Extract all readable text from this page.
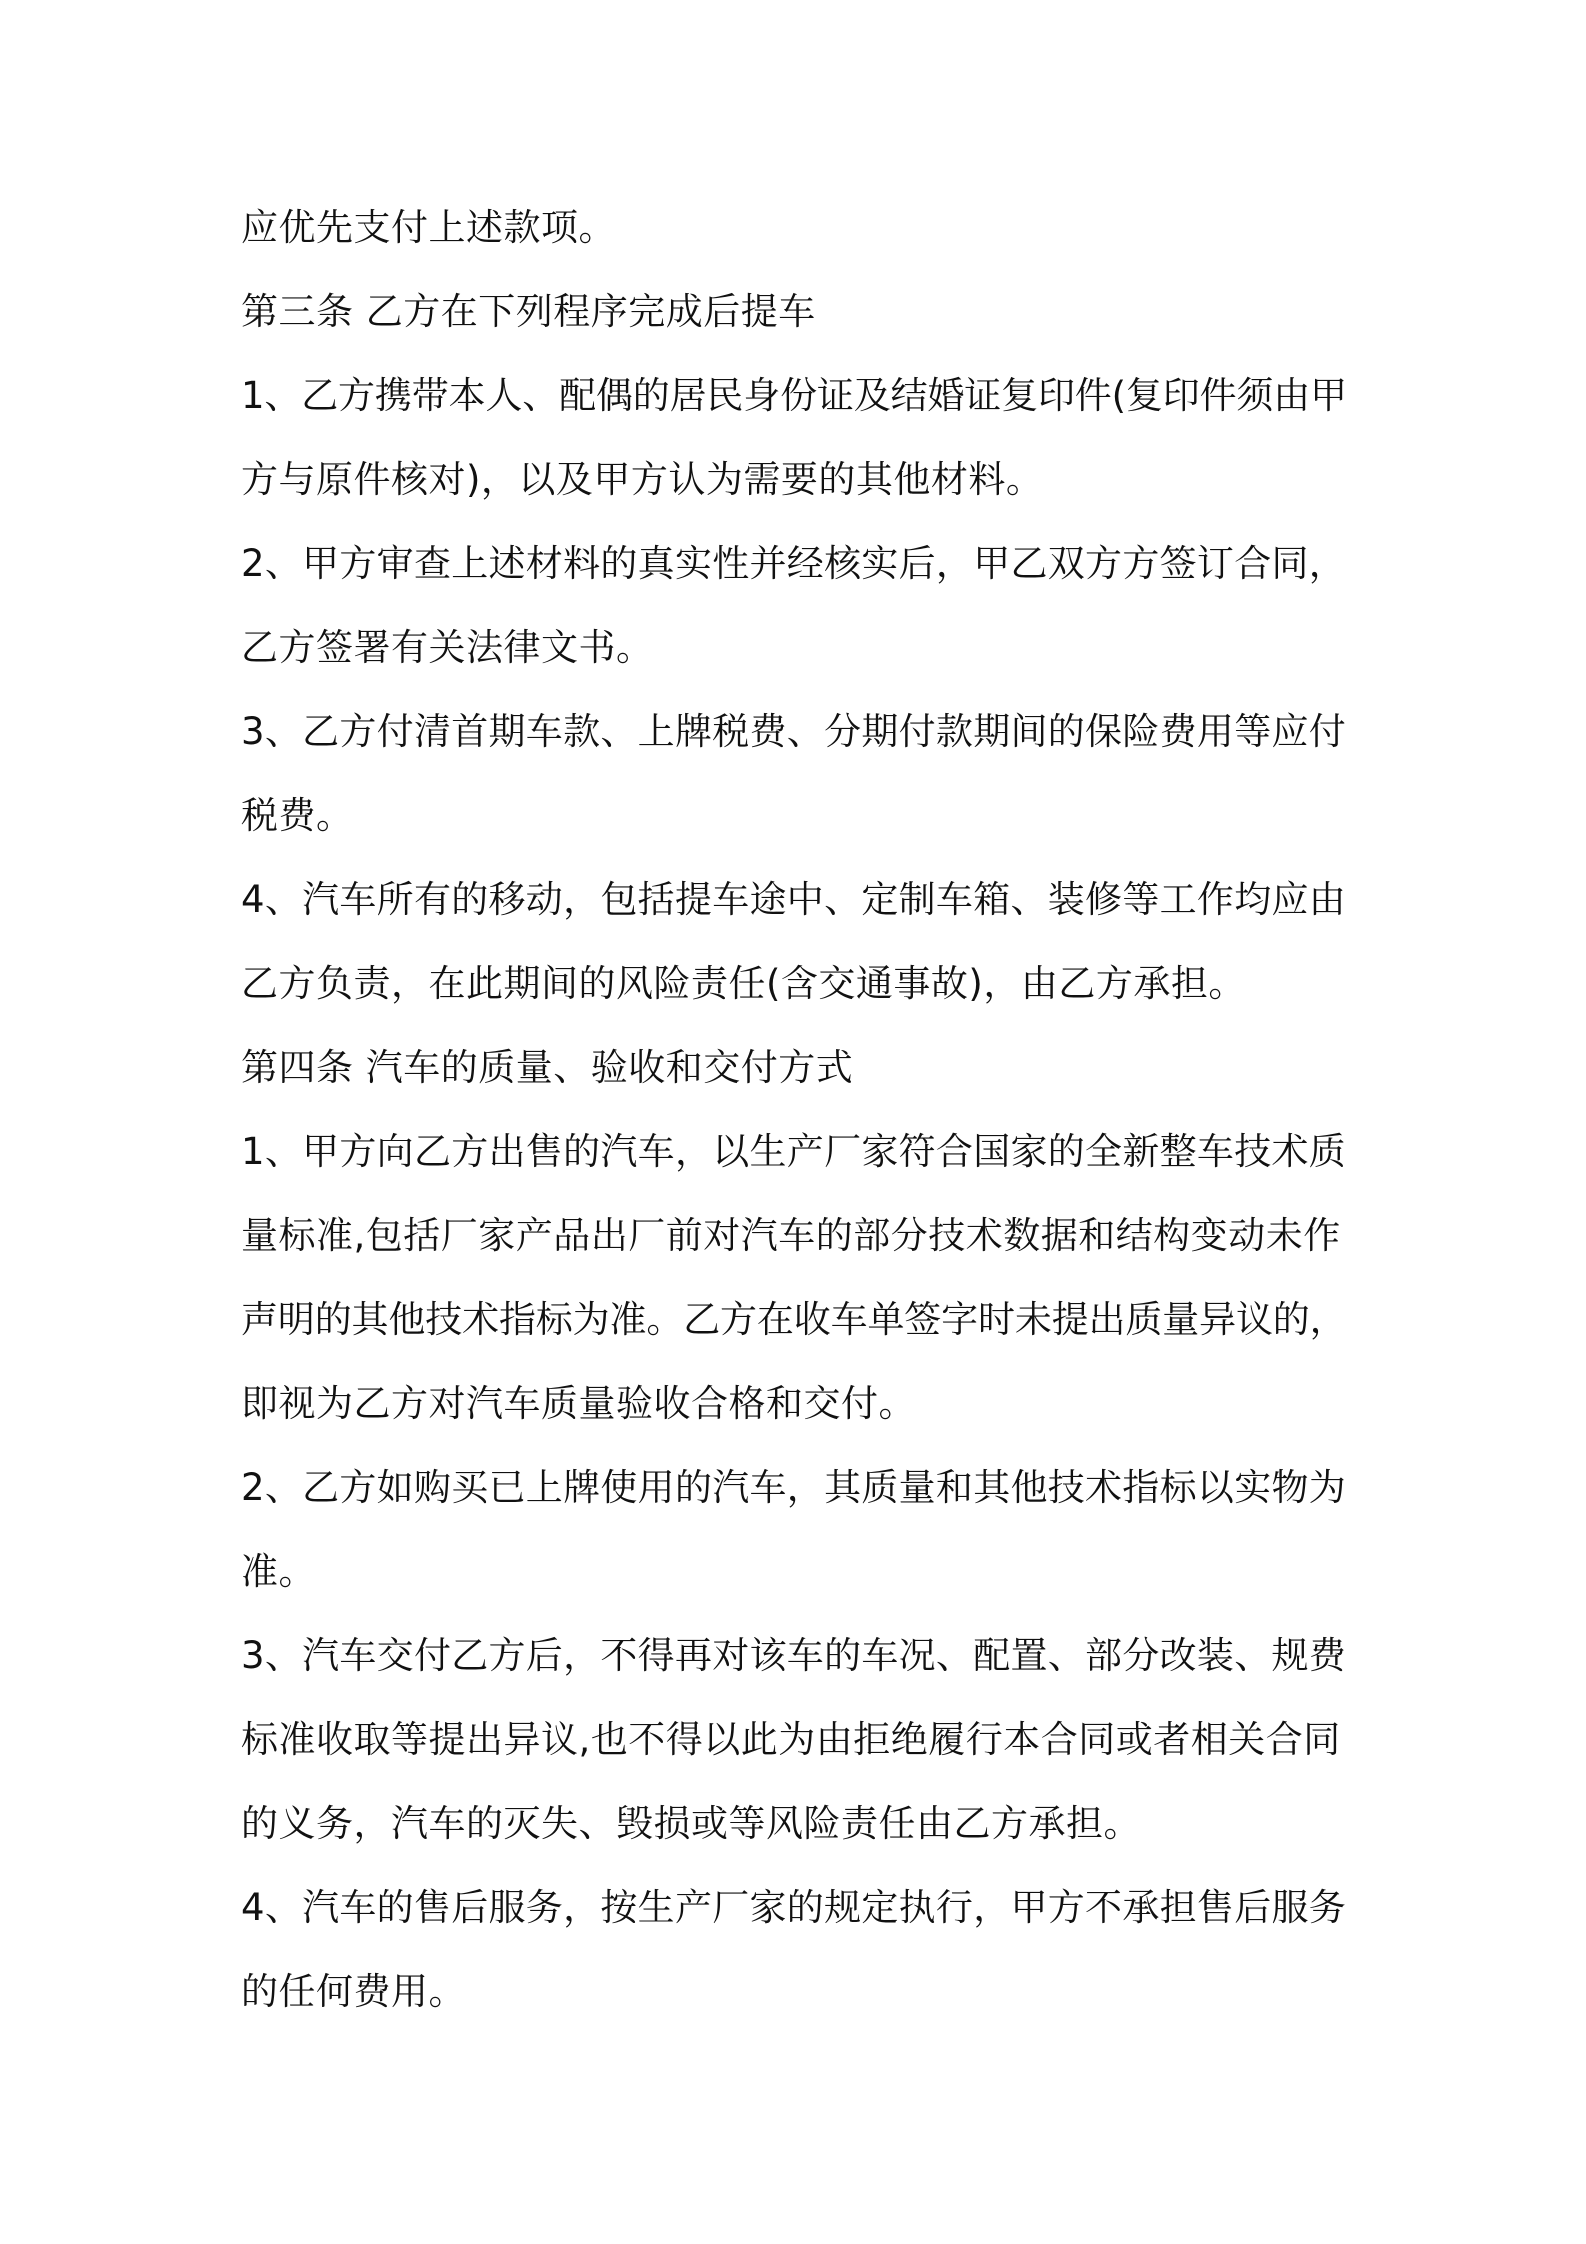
应优先支付上述款项。

第三条 乙方在下列程序完成后提车

1、乙方携带本人、配偶的居民身份证及结婚证复印件(复印件须由甲

方与原件核对)，以及甲方认为需要的其他材料。

2、甲方审查上述材料的真实性并经核实后，甲乙双方方签订合同，

乙方签署有关法律文书。

3、乙方付清首期车款、上牌税费、分期付款期间的保险费用等应付

税费。

4、汽车所有的移动，包括提车途中、定制车箱、装修等工作均应由

乙方负责，在此期间的风险责任(含交通事故)，由乙方承担。

第四条 汽车的质量、验收和交付方式

1、甲方向乙方出售的汽车，以生产厂家符合国家的全新整车技术质

量标准,包括厂家产品出厂前对汽车的部分技术数据和结构变动未作

声明的其他技术指标为准。乙方在收车单签字时未提出质量异议的，

即视为乙方对汽车质量验收合格和交付。

2、乙方如购买已上牌使用的汽车，其质量和其他技术指标以实物为

准。

3、汽车交付乙方后，不得再对该车的车况、配置、部分改装、规费

标准收取等提出异议,也不得以此为由拒绝履行本合同或者相关合同

的义务，汽车的灭失、毁损或等风险责任由乙方承担。

4、汽车的售后服务，按生产厂家的规定执行，甲方不承担售后服务

的任何费用。
